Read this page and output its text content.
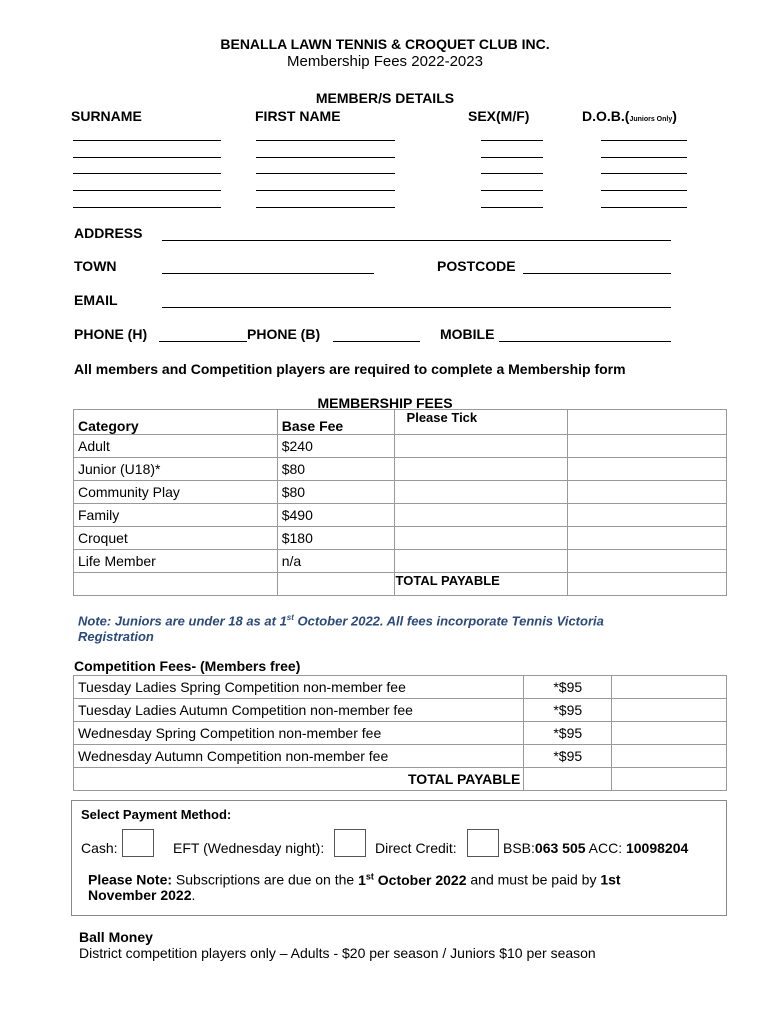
BENALLA LAWN TENNIS & CROQUET CLUB INC.
Membership Fees 2022-2023
MEMBER/S DETAILS
SURNAME	FIRST NAME	SEX(M/F)	D.O.B.(Juniors Only)
ADDRESS
TOWN	POSTCODE
EMAIL
PHONE (H)	PHONE (B)	MOBILE
All members and Competition players are required to complete a Membership form
MEMBERSHIP FEES
Category	Base Fee	Please Tick	
Adult	$240		
Junior (U18)*	$80		
Community Play	$80		
Family	$490		
Croquet	$180		
Life Member	n/a		
		TOTAL PAYABLE	
Note: Juniors are under 18 as at 1st October 2022. All fees incorporate Tennis Victoria
Registration
Competition Fees- (Members free)
Tuesday Ladies Spring Competition non-member fee	*$95	
Tuesday Ladies Autumn Competition non-member fee	*$95	
Wednesday Spring Competition non-member fee	*$95	
Wednesday Autumn Competition non-member fee	*$95	
TOTAL PAYABLE		
Select Payment Method:
Cash:	EFT (Wednesday night):	Direct Credit:	BSB:063 505 ACC: 10098204
Please Note: Subscriptions are due on the 1st October 2022 and must be paid by 1st
November 2022.
Ball Money
District competition players only – Adults - $20 per season / Juniors $10 per season
